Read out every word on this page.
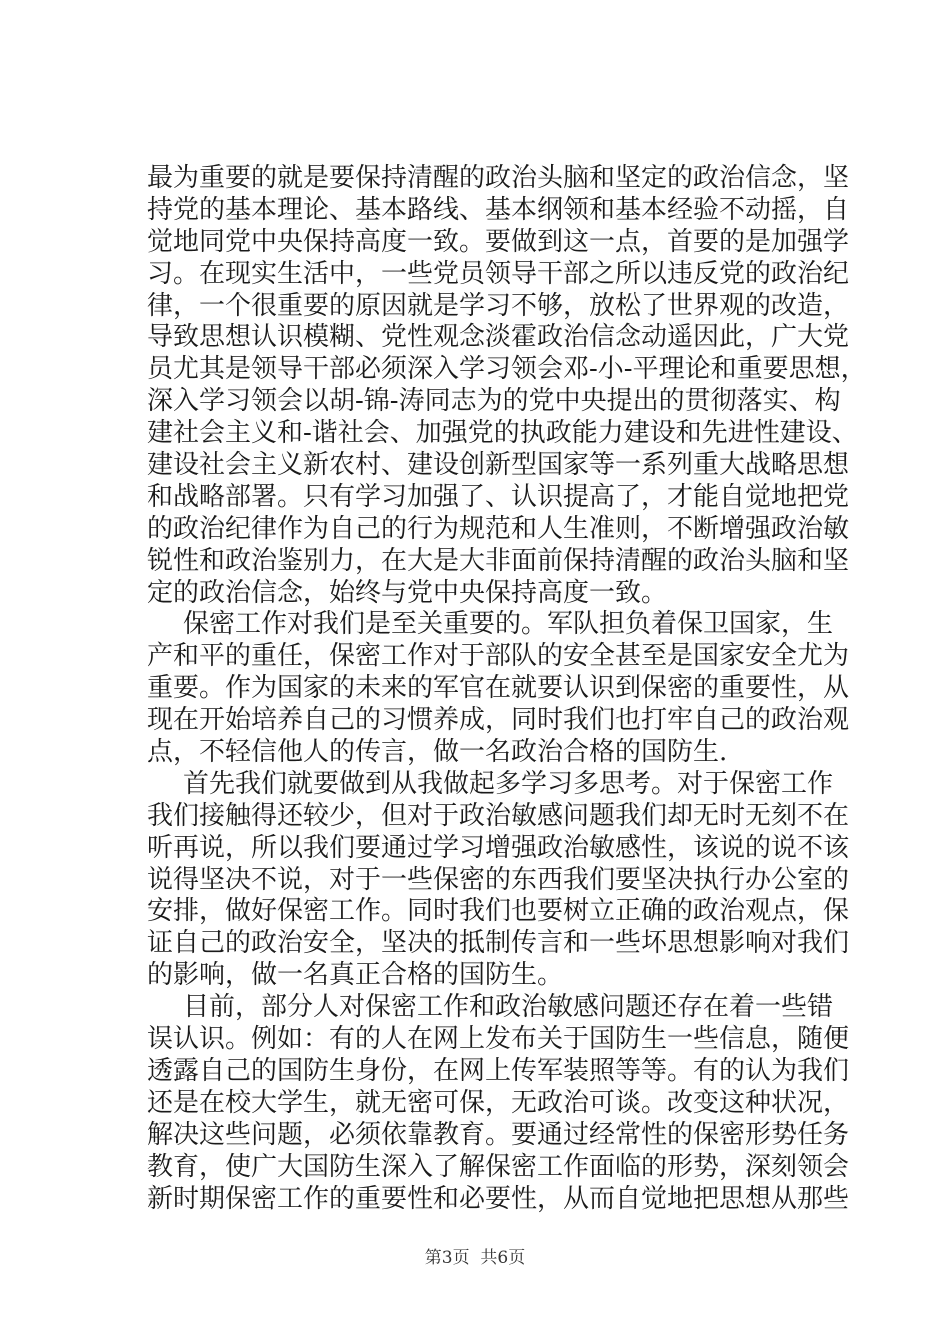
最为重要的就是要保持清醒的政治头脑和坚定的政治信念，坚
持党的基本理论、基本路线、基本纲领和基本经验不动摇，自
觉地同党中央保持高度一致。要做到这一点，首要的是加强学
习。在现实生活中，一些党员领导干部之所以违反党的政治纪
律，一个很重要的原因就是学习不够，放松了世界观的改造，
导致思想认识模糊、党性观念淡霍政治信念动遥因此，广大党
员尤其是领导干部必须深入学习领会邓-小-平理论和重要思想，
深入学习领会以胡-锦-涛同志为的党中央提出的贯彻落实、构
建社会主义和-谐社会、加强党的执政能力建设和先进性建设、
建设社会主义新农村、建设创新型国家等一系列重大战略思想
和战略部署。只有学习加强了、认识提高了，才能自觉地把党
的政治纪律作为自己的行为规范和人生准则，不断增强政治敏
锐性和政治鉴别力，在大是大非面前保持清醒的政治头脑和坚
定的政治信念，始终与党中央保持高度一致。
保密工作对我们是至关重要的。军队担负着保卫国家，生
产和平的重任，保密工作对于部队的安全甚至是国家安全尤为
重要。作为国家的未来的军官在就要认识到保密的重要性，从
现在开始培养自己的习惯养成，同时我们也打牢自己的政治观
点，不轻信他人的传言，做一名政治合格的国防生.
首先我们就要做到从我做起多学习多思考。对于保密工作
我们接触得还较少，但对于政治敏感问题我们却无时无刻不在
听再说，所以我们要通过学习增强政治敏感性，该说的说不该
说得坚决不说，对于一些保密的东西我们要坚决执行办公室的
安排，做好保密工作。同时我们也要树立正确的政治观点，保
证自己的政治安全，坚决的抵制传言和一些坏思想影响对我们
的影响，做一名真正合格的国防生。
目前，部分人对保密工作和政治敏感问题还存在着一些错
误认识。例如：有的人在网上发布关于国防生一些信息，随便
透露自己的国防生身份，在网上传军装照等等。有的认为我们
还是在校大学生，就无密可保，无政治可谈。改变这种状况，
解决这些问题，必须依靠教育。要通过经常性的保密形势任务
教育，使广大国防生深入了解保密工作面临的形势，深刻领会
新时期保密工作的重要性和必要性，从而自觉地把思想从那些
第3页  共6页
